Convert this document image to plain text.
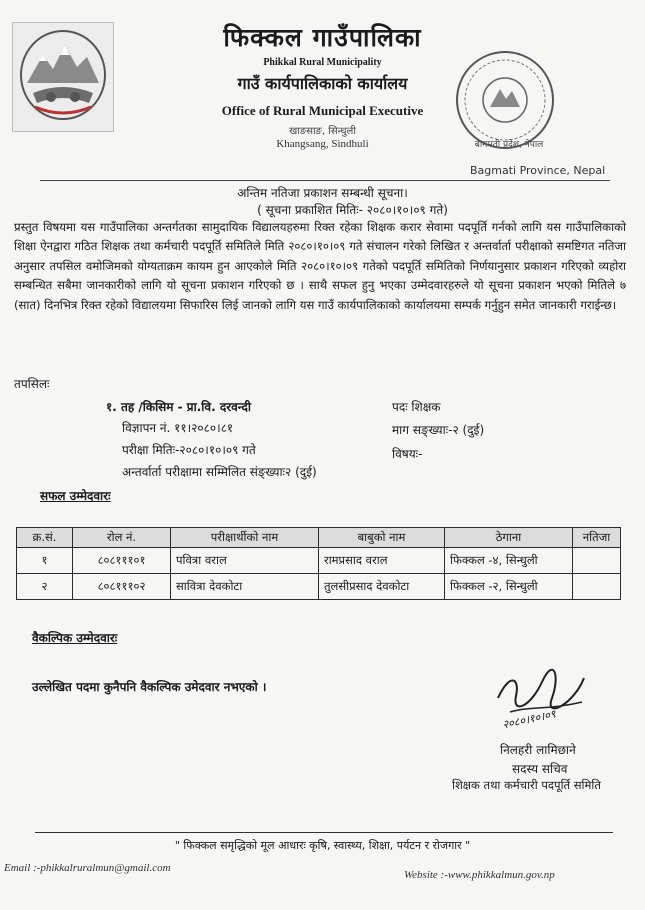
फिक्कल गाउँपालिका
Phikkal Rural Municipality
गाउँ कार्यपालिकाको कार्यालय
Office of Rural Municipal Executive
खाङसाङ, सिन्धुली
Khangsang, Sindhuli	बागमती प्रदेश, नेपाल
Bagmati Province, Nepal
अन्तिम नतिजा प्रकाशन सम्बन्धी सूचना।
( सूचना प्रकाशित मितिः- २०८०।१०।०९ गते)
प्रस्तुत विषयमा यस गाउँपालिका अन्तर्गतका सामुदायिक विद्यालयहरुमा रिक्त रहेका शिक्षक करार सेवामा पदपूर्ति गर्नको लागि यस गाउँपालिकाको शिक्षा ऐनद्वारा गठित शिक्षक तथा कर्मचारी पदपूर्ति समितिले मिति २०८०।१०।०९ गते संचालन गरेको लिखित र अन्तर्वार्ता परीक्षाको समष्टिगत नतिजा अनुसार तपसिल वमोजिमको योग्यताक्रम कायम हुन आएकोले मिति २०८०।१०।०९ गतेको पदपूर्ति समितिको निर्णयानुसार प्रकाशन गरिएको व्यहोरा सम्बन्धित सबैमा जानकारीको लागि यो सूचना प्रकाशन गरिएको छ । साथै सफल हुनु भएका उम्मेदवारहरुले यो सूचना प्रकाशन भएको मितिले ७ (सात) दिनभित्र रिक्त रहेको विद्यालयमा सिफारिस लिई जानको लागि यस गाउँ कार्यपालिकाको कार्यालयमा सम्पर्क गर्नुहुन समेत जानकारी गराईन्छ।
तपसिलः
१. तह /किसिम - प्रा.वि. दरवन्दी
विज्ञापन नं. ११।२०८०।८१
परीक्षा मितिः-२०८०।१०।०९ गते
अन्तर्वार्ता परीक्षामा सम्मिलित संङ्ख्याः२ (दुई)
पदः शिक्षक
माग सङ्ख्याः-२ (दुई)
विषयः-
सफल उम्मेदवारः
क्र.सं.	रोल नं.	परीक्षार्थीको नाम	बाबुको नाम	ठेगाना	नतिजा
१	८०८१११०१	पवित्रा वराल	रामप्रसाद वराल	फिक्कल -४, सिन्धुली	
२	८०८१११०२	सावित्रा देवकोटा	तुलसीप्रसाद देवकोटा	फिक्कल -२, सिन्धुली	
वैकल्पिक उम्मेदवारः
उल्लेखित पदमा कुनैपनि वैकल्पिक उमेदवार नभएको ।
२०८०।१०।०९
निलहरी लामिछाने
सदस्य सचिव
शिक्षक तथा कर्मचारी पदपूर्ति समिति
" फिक्कल समृद्धिको मूल आधारः कृषि, स्वास्थ्य, शिक्षा, पर्यटन र रोजगार "
Email :-phikkalruralmun@gmail.com
Website :-www.phikkalmun.gov.np
